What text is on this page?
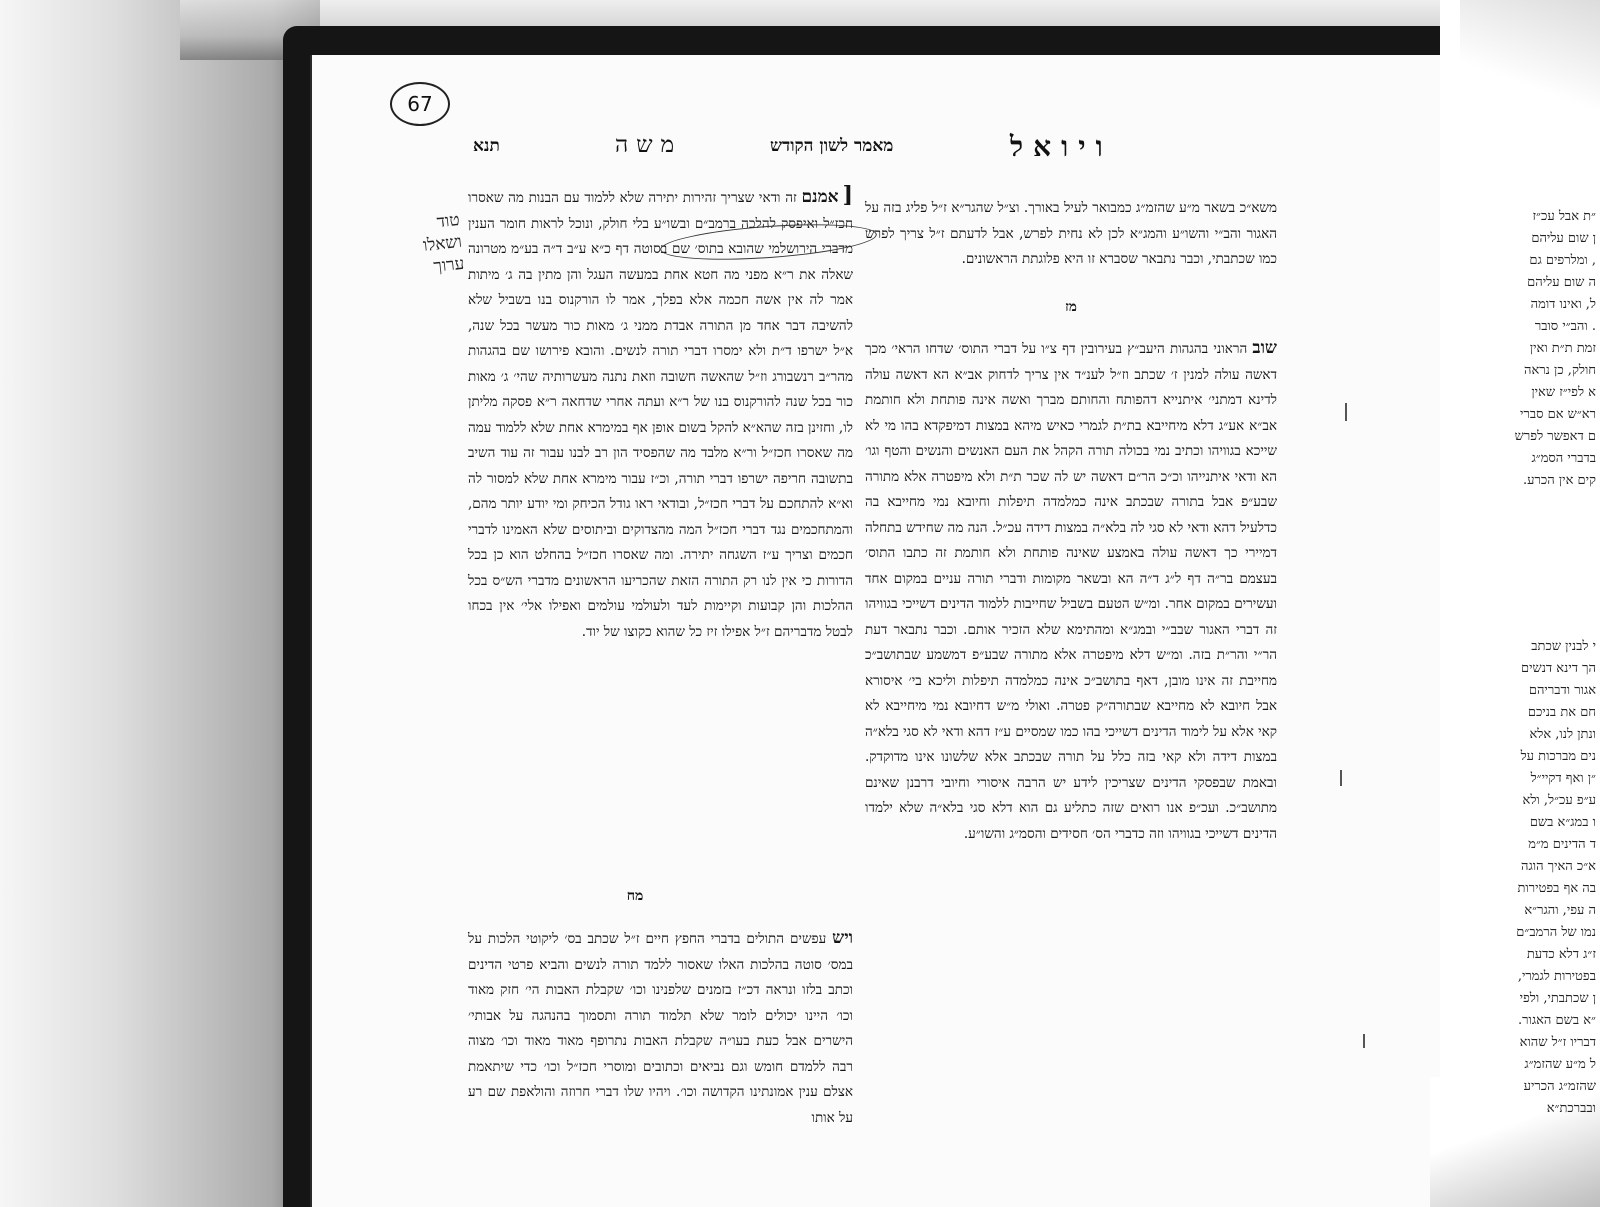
״ת אבל עכ״ז
ן שום עליהם
, ומלרפים גם
ה שום עליהם
ל, ואינו דומה
. והב״י סובר
זמת ת״ת ואין
חולק, כן נראה
א לפי״ז שאין
רא״ש אם סברי
ם דאפשר לפרש
בדברי הסמ״ג
קים אין הכרע.
י לבנין שכתב
הך דינא דנשים
אגור ודבריהם
חם את בניכם
ונתן לנו, אלא
נים מברכות על
״ן ואף דקיי״ל
ע״פ עכ״ל, ולא
ו במג״א בשם
ד הדינים מ״מ
א״כ האיך הוגה
בה אף בפטירות
ה עפי, והגר״א
נמו של הרמב״ם
ז״ג דלא כדעת
בפטירות לגמרי,
ן שכתבתי, ולפי
״א בשם האגור.
דבריו ז״ל שהוא
ל מ״ע שהזמ״ג
שהזמ״ג הכריע
ובברכת״א
67
ויואל
מאמר לשון הקודש
משה
תנא

משא״כ בשאר מ״ע שהזמ״ג כמבואר לעיל באורך. וצ״ל שהגר״א ז״ל פליג בזה על האגור והב״י והשו״ע והמג״א לכן לא נחית לפרש, אבל לדעתם ז״ל צריך לפרש כמו שכתבתי, וכבר נתבאר שסברא זו היא פלוגתת הראשונים.

מז

שוב הראוני בהגהות היעב״ץ בעירובין דף צ״ו על דברי התוס׳ שדחו הראי׳ מכך דאשה עולה למנין ז׳ שכתב וז״ל לענ״ד אין צריך לדחוק אב״א הא דאשה עולה לדינא דמתני׳ איתנייא דהפותח והחותם מברך ואשה אינה פותחת ולא חותמת אב״א אע״ג דלא מיחייבא בת״ת לגמרי כאיש מיהא במצות דמיפקדא בהו מי לא שייכא בגוויהו וכתיב נמי בכולה תורה הקהל את העם האנשים והנשים והטף וגו׳ הא ודאי איתנייהו וכ״כ הר״ם דאשה יש לה שכר ת״ת ולא מיפטרה אלא מתורה שבע״פ אבל בתורה שבכתב אינה כמלמדה תיפלות וחיובא נמי מחייבא בה כדלעיל דהא ודאי לא סגי לה בלא״ה במצות דידה עכ״ל. הנה מה שחידש בתחלה דמיירי כך דאשה עולה באמצע שאינה פותחת ולא חותמת זה כתבו התוס׳ בעצמם בר״ה דף ל״ג ד״ה הא ובשאר מקומות ודברי תורה עניים במקום אחד ועשירים במקום אחר. ומ״ש הטעם בשביל שחייבות ללמוד הדינים דשייכי בגוויהו זה דברי האגור שבב״י ובמג״א ומהתימא שלא הזכיר אותם. וכבר נתבאר דעת הר״י והר״ת בזה. ומ״ש דלא מיפטרה אלא מתורה שבע״פ דמשמע שבתושב״כ מחייבת זה אינו מובן, דאף בתושב״כ אינה כמלמדה תיפלות וליכא בי׳ איסורא אבל חיובא לא מחייבא שבתורה״ק פטרה. ואולי מ״ש דחיובא נמי מיחייבא לא קאי אלא על לימוד הדינים דשייכי בהו כמו שמסיים ע״ז דהא ודאי לא סגי בלא״ה במצות דידה ולא קאי בזה כלל על תורה שבכתב אלא שלשונו אינו מדוקדק. ובאמת שבפסקי הדינים שצריכין לידע יש הרבה איסורי וחיובי דרבנן שאינם מתושב״כ. ועכ״פ אנו רואים שזה כתליע גם הוא דלא סגי בלא״ה שלא ילמדו הדינים דשייכי בגוויהו וזה כדברי הס׳ חסידים והסמ״ג והשו״ע.

[אמנם זה ודאי שצריך זהירות יתירה שלא ללמוד עם הבנות מה שאסרו חכז״ל ואיפסק להלכה ברמב״ם ובשו״ע בלי חולק, ונוכל לראות חומר הענין מדברי הירושלמי שהובא בתוס׳ שם בסוטה דף כ״א ע״ב ד״ה בע״מ מטרונה שאלה את ר״א מפני מה חטא אחת במעשה העגל והן מתין בה ג׳ מיתות אמר לה אין אשה חכמה אלא בפלך, אמר לו הורקנוס בנו בשביל שלא להשיבה דבר אחד מן התורה אבדת ממני ג׳ מאות כור מעשר בכל שנה, א״ל ישרפו ד״ת ולא ימסרו דברי תורה לנשים. והובא פירושו שם בהגהות מהר״ב רנשבורג וז״ל שהאשה חשובה וזאת נתנה מעשרותיה שהי׳ ג׳ מאות כור בכל שנה להורקנוס בנו של ר״א ועתה אחרי שדחאה ר״א פסקה מליתן לו, וחזינן בזה שהא״א להקל בשום אופן אף במימרא אחת שלא ללמוד עמה מה שאסרו חכז״ל ור״א מלבד מה שהפסיד הון רב לבנו עבור זה עוד השיב בתשובה חריפה ישרפו דברי תורה, וכ״ז עבור מימרא אחת שלא למסור לה וא״א להתחכם על דברי חכז״ל, ובודאי ראו גודל הכיחק ומי יודע יותר מהם, והמתחכמים נגד דברי חכז״ל המה מהצדוקים וביתוסים שלא האמינו לדברי חכמים וצריך ע״ז השגחה יתירה. ומה שאסרו חכז״ל בהחלט הוא כן בכל הדורות כי אין לנו רק התורה הזאת שהכריעו הראשונים מדברי הש״ס בכל ההלכות והן קבועות וקיימות לעד ולעולמי עולמים ואפילו אלי׳ אין בכחו לבטל מדבריהם ז״ל אפילו זיז כל שהוא כקוצו של יוד.

מח

ויש עפשים התולים בדברי החפץ חיים ז״ל שכתב בס׳ ליקוטי הלכות על במס׳ סוטה בהלכות האלו שאסור ללמד תורה לנשים והביא פרטי הדינים וכתב בלזו ונראה דכ״ז בזמנים שלפנינו וכו׳ שקבלת האבות הי׳ חזק מאוד וכו׳ היינו יכולים לומר שלא תלמוד תורה ותסמוך בהנהגה על אבותי׳ הישרים אבל כעת בעו״ה שקבלת האבות נתרופף מאוד מאוד וכו׳ מצוה רבה ללמדם חומש וגם נביאים וכתובים ומוסרי חכז״ל וכו׳ כדי שיתאמת אצלם ענין אמונתינו הקדושה וכו׳. ויהיו שלו דברי חרוזה והולאפת שם רע על אותו

טוד ושאלו ערוך
